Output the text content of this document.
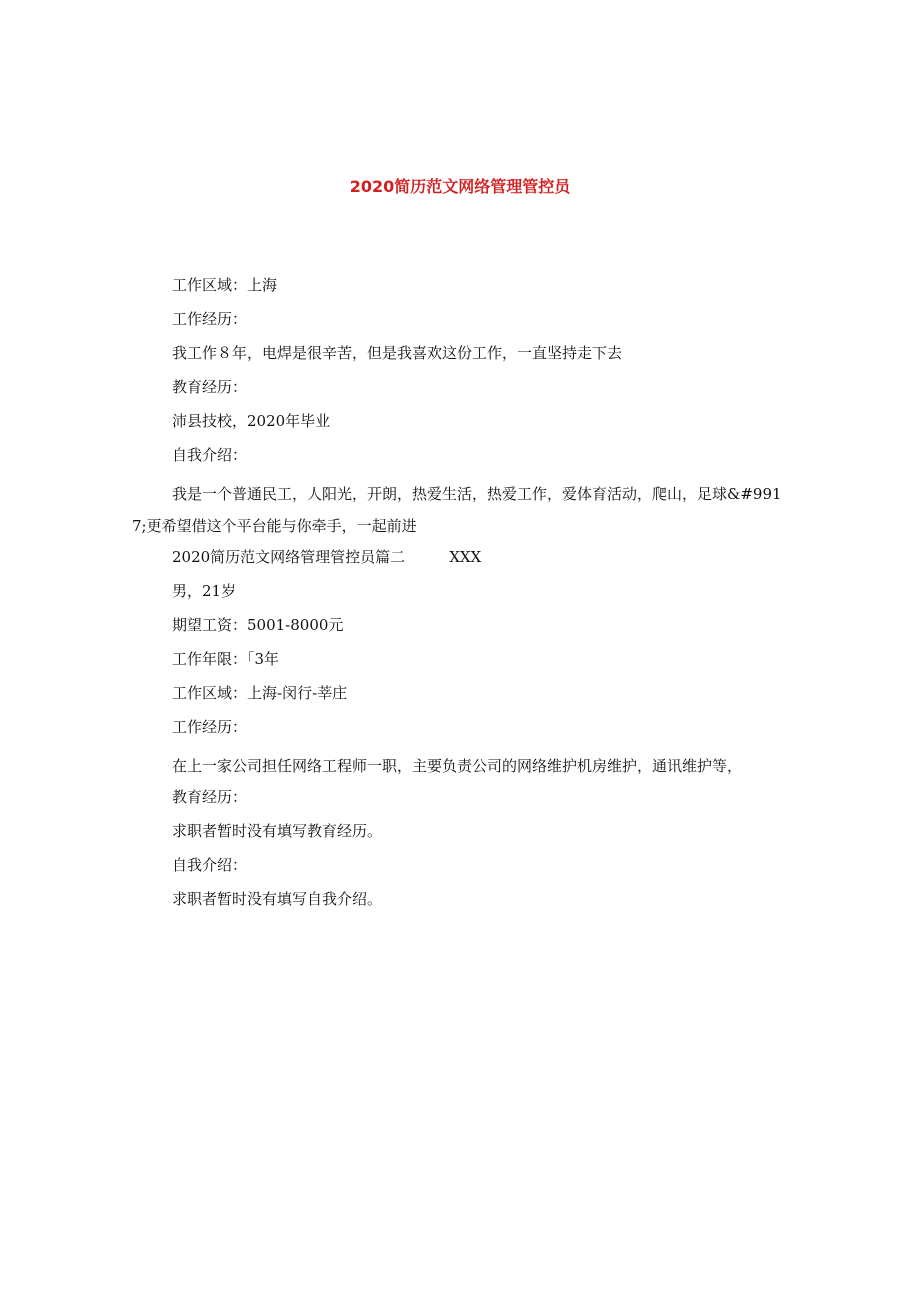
2020简历范文网络管理管控员

工作区域：上海

工作经历：

我工作８年，电焊是很辛苦，但是我喜欢这份工作，一直坚持走下去

教育经历：

沛县技校，2020年毕业

自我介绍：

我是一个普通民工，人阳光，开朗，热爱生活，热爱工作，爱体育活动，爬山，足球&#9917;更希望借这个平台能与你牵手，一起前进

2020简历范文网络管理管控员篇二	XXX

男，21岁

期望工资：5001-8000元

工作年限：「3年

工作区域：上海-闵行-莘庄

工作经历：

在上一家公司担任网络工程师一职，主要负责公司的网络维护机房维护，通讯维护等，

教育经历：

求职者暂时没有填写教育经历。

自我介绍：

求职者暂时没有填写自我介绍。
